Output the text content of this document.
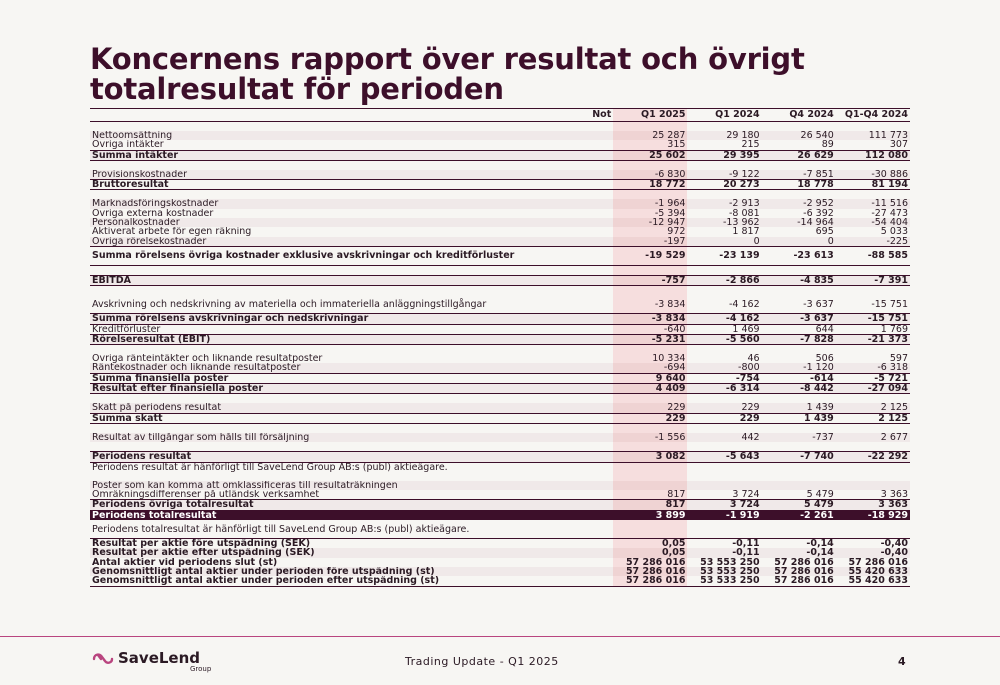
Koncernens rapport över resultat och övrigt totalresultat för perioden
Not		Q1 2025	Q1 2024	Q4 2024	Q1-Q4 2024

Nettoomsättning		25 287	29 180	26 540	111 773
Övriga intäkter		315	215	89	307
Summa intäkter		25 602	29 395	26 629	112 080

Provisionskostnader		-6 830	-9 122	-7 851	-30 886
Bruttoresultat		18 772	20 273	18 778	81 194

Marknadsföringskostnader		-1 964	-2 913	-2 952	-11 516
Övriga externa kostnader		-5 394	-8 081	-6 392	-27 473
Personalkostnader		-12 947	-13 962	-14 964	-54 404
Aktiverat arbete för egen räkning		972	1 817	695	5 033
Övriga rörelsekostnader		-197	0	0	-225
Summa rörelsens övriga kostnader exklusive avskrivningar och kreditförluster		-19 529	-23 139	-23 613	-88 585

EBITDA		-757	-2 866	-4 835	-7 391

Avskrivning och nedskrivning av materiella och immateriella anläggningstillgångar		-3 834	-4 162	-3 637	-15 751
Summa rörelsens avskrivningar och nedskrivningar		-3 834	-4 162	-3 637	-15 751
Kreditförluster		-640	1 469	644	1 769
Rörelseresultat (EBIT)		-5 231	-5 560	-7 828	-21 373

Övriga ränteintäkter och liknande resultatposter		10 334	46	506	597
Räntekostnader och liknande resultatposter		-694	-800	-1 120	-6 318
Summa finansiella poster		9 640	-754	-614	-5 721
Resultat efter finansiella poster		4 409	-6 314	-8 442	-27 094

Skatt på periodens resultat		229	229	1 439	2 125
Summa skatt		229	229	1 439	2 125

Resultat av tillgångar som hålls till försäljning		-1 556	442	-737	2 677

Periodens resultat		3 082	-5 643	-7 740	-22 292
Periodens resultat är hänförligt till SaveLend Group AB:s (publ) aktieägare.					

Poster som kan komma att omklassificeras till resultaträkningen					
Omräkningsdifferenser på utländsk verksamhet		817	3 724	5 479	3 363
Periodens övriga totalresultat		817	3 724	5 479	3 363
Periodens totalresultat		3 899	-1 919	-2 261	-18 929
Periodens totalresultat är hänförligt till SaveLend Group AB:s (publ) aktieägare.					
Resultat per aktie före utspädning (SEK)		0,05	-0,11	-0,14	-0,40
Resultat per aktie efter utspädning (SEK)		0,05	-0,11	-0,14	-0,40
Antal aktier vid periodens slut (st)		57 286 016	53 553 250	57 286 016	57 286 016
Genomsnittligt antal aktier under perioden före utspädning (st)		57 286 016	53 553 250	57 286 016	55 420 633
Genomsnittligt antal aktier under perioden efter utspädning (st)		57 286 016	53 533 250	57 286 016	55 420 633
SaveLend
Group
Trading Update - Q1 2025	4
